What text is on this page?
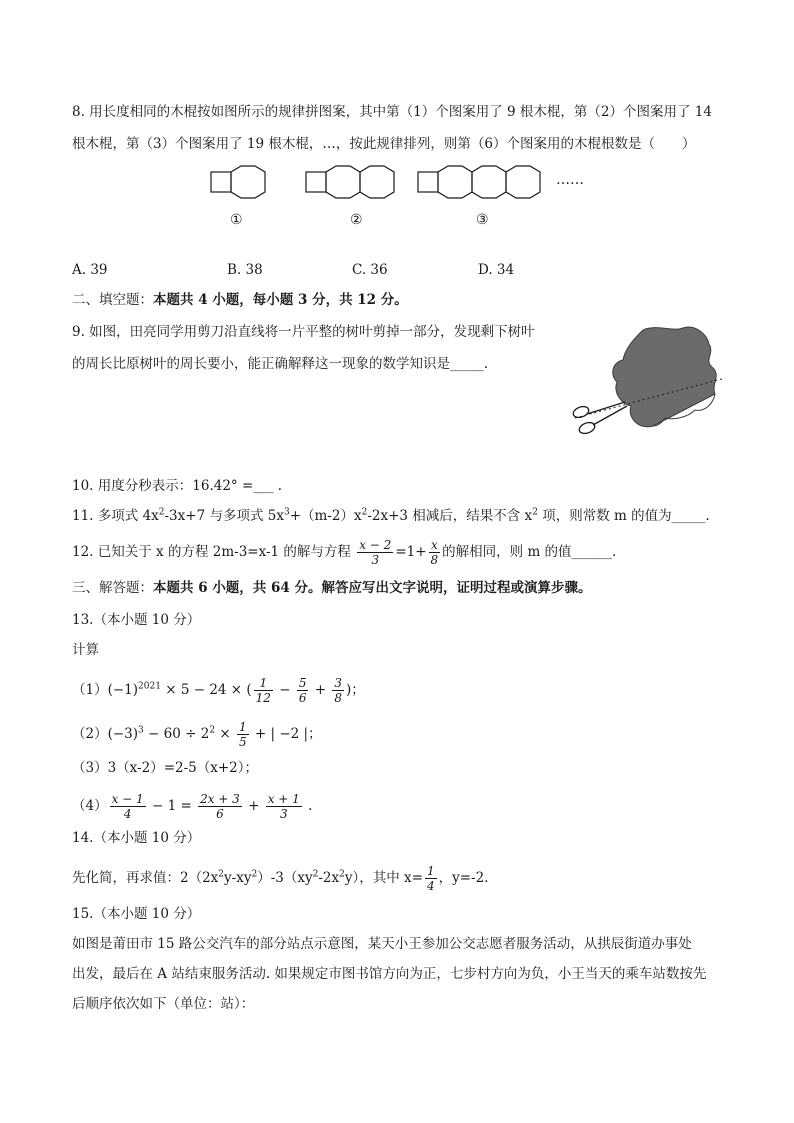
8. 用长度相同的木棍按如图所示的规律拼图案，其中第（1）个图案用了 9 根木棍，第（2）个图案用了 14
根木棍，第（3）个图案用了 19 根木棍，…，按此规律排列，则第（6）个图案用的木棍根数是（　　）
……
①	②	③
A. 39	B. 38	C. 36	D. 34
二、填空题：本题共 4 小题，每小题 3 分，共 12 分。
9. 如图，田亮同学用剪刀沿直线将一片平整的树叶剪掉一部分，发现剩下树叶
的周长比原树叶的周长要小，能正确解释这一现象的数学知识是_____.
10. 用度分秒表示：16.42° =___ .
11. 多项式 $4x^2-3x+7$ 与多项式 $5x^3+(m-2)x^2-2x+3$ 相减后，结果不含 $x^2$ 项，则常数 m 的值为_____.
12. 已知关于 x 的方程 2m-3=x-1 的解与方程 $\frac{x - 2}{3} =1+ \frac{x}{8}$ 的解相同，则 m 的值______.
三、解答题：本题共 6 小题，共 64 分。解答应写出文字说明，证明过程或演算步骤。
13.（本小题 10 分）
计算
$(1)(-1)^{2021} \times 5 - 24$ × ( $\frac{1}{12} - \frac{5}{6} + \frac{3}{8}$ )；
$(2)(-3)^3 - 60 \div 2^2 \times \frac{1}{5}$ + | −2 |；
（3）3（x-2）=2-5（x+2）；
$(4) \frac{x - 1}{4} - 1 = \frac{2x + 3}{6} + \frac{x + 1}{3}$ .
14.（本小题 10 分）
先化简，再求值：$2(2x^2y-xy^2)-3(xy^2-2x^2y)$，其中 $x= \frac{1}{4}$ ，y=-2.
15.（本小题 10 分）
如图是莆田市 15 路公交汽车的部分站点示意图，某天小王参加公交志愿者服务活动，从拱辰街道办事处
出发，最后在 A 站结束服务活动. 如果规定市图书馆方向为正，七步村方向为负，小王当天的乘车站数按先
后顺序依次如下（单位：站）：
